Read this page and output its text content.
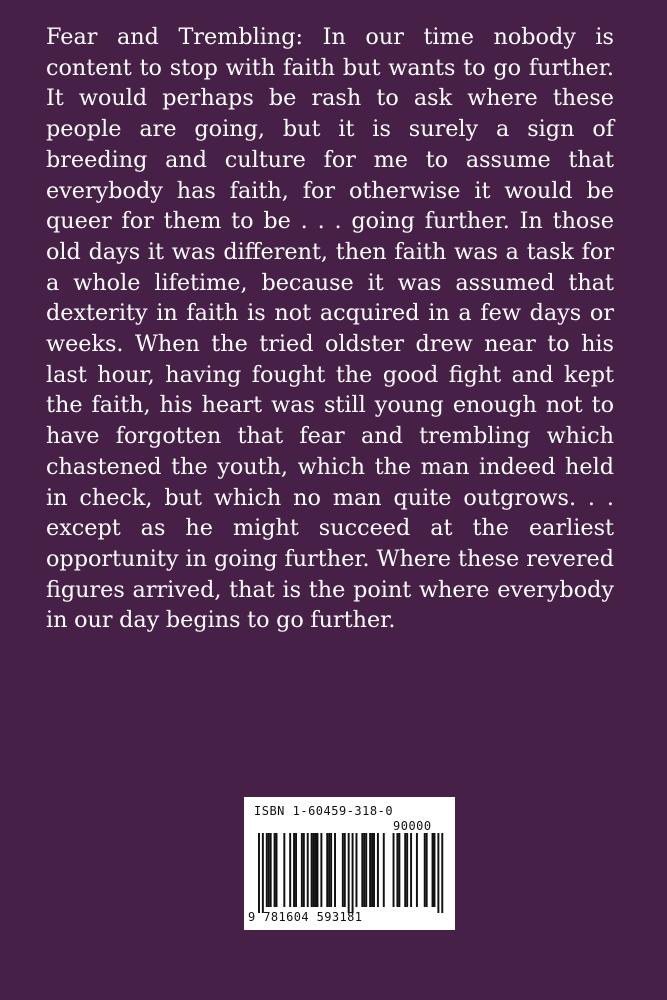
Fear and Trembling: In our time nobody is content to stop with faith but wants to go further. It would perhaps be rash to ask where these people are going, but it is surely a sign of breeding and culture for me to assume that everybody has faith, for otherwise it would be queer for them to be . . . going further. In those old days it was different, then faith was a task for a whole lifetime, because it was assumed that dexterity in faith is not acquired in a few days or weeks. When the tried oldster drew near to his last hour, having fought the good fight and kept the faith, his heart was still young enough not to have forgotten that fear and trembling which chastened the youth, which the man indeed held in check, but which no man quite outgrows. . . except as he might succeed at the earliest opportunity in going further. Where these revered figures arrived, that is the point where everybody in our day begins to go further.

ISBN 1-60459-318-0
90000
9 781604 593181
